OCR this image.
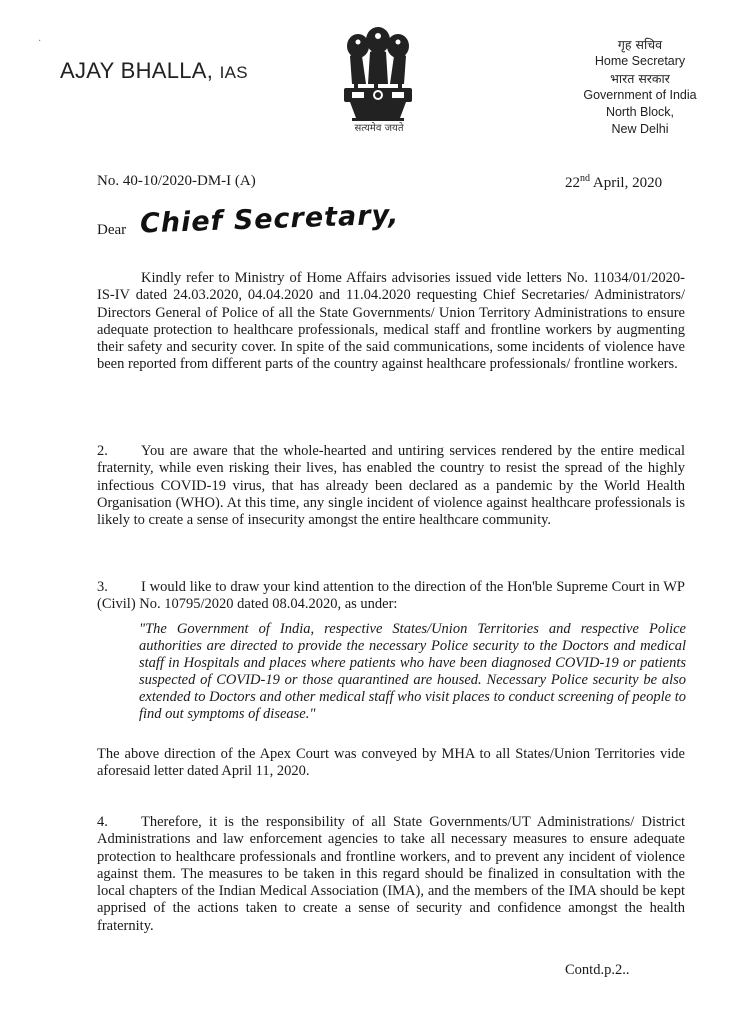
·
AJAY BHALLA, IAS
सत्यमेव जयते
गृह सचिव
Home Secretary
भारत सरकार
Government of India
North Block,
New Delhi
No. 40-10/2020-DM-I (A)	22nd April, 2020
Dear Chief Secretary,
Kindly refer to Ministry of Home Affairs advisories issued vide letters No. 11034/01/2020-IS-IV dated 24.03.2020, 04.04.2020 and 11.04.2020 requesting Chief Secretaries/ Administrators/ Directors General of Police of all the State Governments/ Union Territory Administrations to ensure adequate protection to healthcare professionals, medical staff and frontline workers by augmenting their safety and security cover. In spite of the said communications, some incidents of violence have been reported from different parts of the country against healthcare professionals/ frontline workers.
2. You are aware that the whole-hearted and untiring services rendered by the entire medical fraternity, while even risking their lives, has enabled the country to resist the spread of the highly infectious COVID-19 virus, that has already been declared as a pandemic by the World Health Organisation (WHO). At this time, any single incident of violence against healthcare professionals is likely to create a sense of insecurity amongst the entire healthcare community.
3. I would like to draw your kind attention to the direction of the Hon'ble Supreme Court in WP (Civil) No. 10795/2020 dated 08.04.2020, as under:
"The Government of India, respective States/Union Territories and respective Police authorities are directed to provide the necessary Police security to the Doctors and medical staff in Hospitals and places where patients who have been diagnosed COVID-19 or patients suspected of COVID-19 or those quarantined are housed. Necessary Police security be also extended to Doctors and other medical staff who visit places to conduct screening of people to find out symptoms of disease."
The above direction of the Apex Court was conveyed by MHA to all States/Union Territories vide aforesaid letter dated April 11, 2020.
4. Therefore, it is the responsibility of all State Governments/UT Administrations/ District Administrations and law enforcement agencies to take all necessary measures to ensure adequate protection to healthcare professionals and frontline workers, and to prevent any incident of violence against them. The measures to be taken in this regard should be finalized in consultation with the local chapters of the Indian Medical Association (IMA), and the members of the IMA should be kept apprised of the actions taken to create a sense of security and confidence amongst the health fraternity.
Contd.p.2..
